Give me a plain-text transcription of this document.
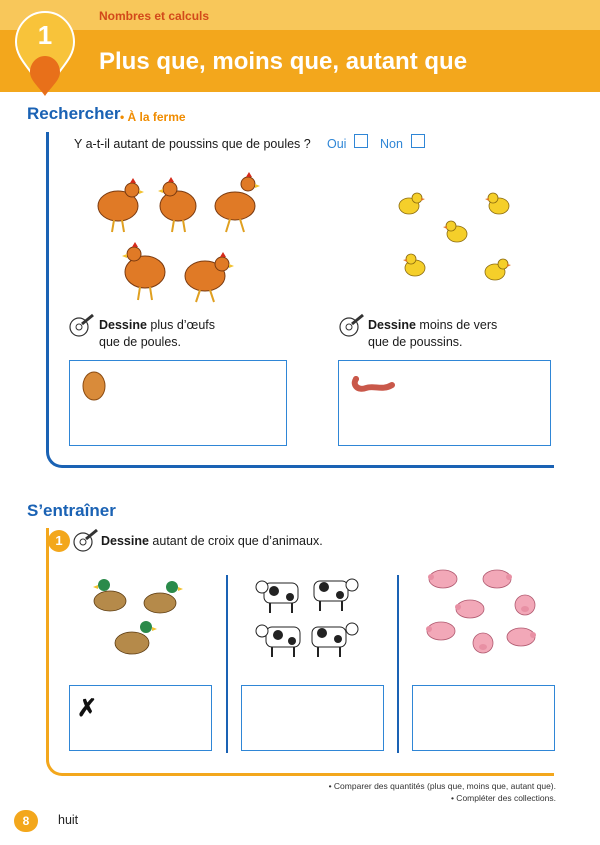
Nombres et calculs
1
Plus que, moins que, autant que
Rechercher • À la ferme
Y a-t-il autant de poussins que de poules ? Oui	Non
Dessine plus d’œufs
que de poules.
Dessine moins de vers
que de poussins.
S’entraîner
1	Dessine autant de croix que d’animaux.
✗
• Comparer des quantités (plus que, moins que, autant que).
• Compléter des collections.
8	huit
